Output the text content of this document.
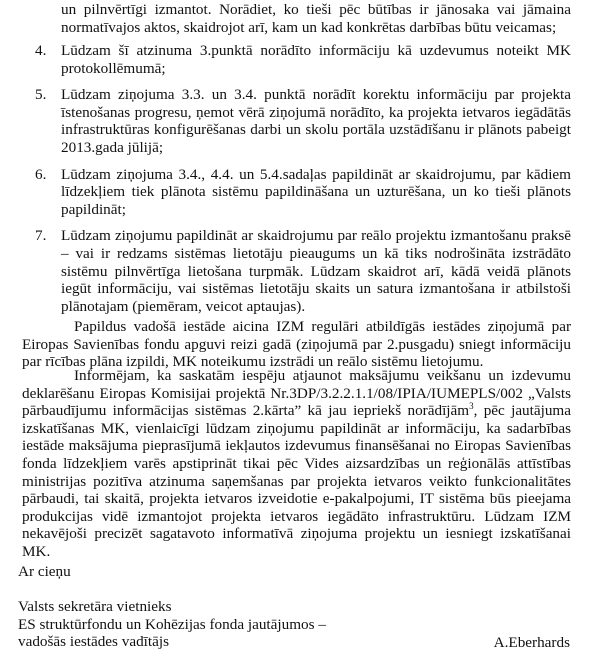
un pilnvērtīgi izmantot. Norādiet, ko tieši pēc būtības ir jānosaka vai jāmaina normatīvajos aktos, skaidrojot arī, kam un kad konkrētas darbības būtu veicamas;
4. Lūdzam šī atzinuma 3.punktā norādīto informāciju kā uzdevumus noteikt MK protokollēmumā;
5. Lūdzam ziņojuma 3.3. un 3.4. punktā norādīt korektu informāciju par projekta īstenošanas progresu, ņemot vērā ziņojumā norādīto, ka projekta ietvaros iegādātās infrastruktūras konfigurēšanas darbi un skolu portāla uzstādīšanu ir plānots pabeigt 2013.gada jūlijā;
6. Lūdzam ziņojuma 3.4., 4.4. un 5.4.sadaļas papildināt ar skaidrojumu, par kādiem līdzekļiem tiek plānota sistēmu papildināšana un uzturēšana, un ko tieši plānots papildināt;
7. Lūdzam ziņojumu papildināt ar skaidrojumu par reālo projektu izmantošanu praksē – vai ir redzams sistēmas lietotāju pieaugums un kā tiks nodrošināta izstrādāto sistēmu pilnvērtīga lietošana turpmāk. Lūdzam skaidrot arī, kādā veidā plānots iegūt informāciju, vai sistēmas lietotāju skaits un satura izmantošana ir atbilstoši plānotajam (piemēram, veicot aptaujas).
Papildus vadošā iestāde aicina IZM regulāri atbildīgās iestādes ziņojumā par Eiropas Savienības fondu apguvi reizi gadā (ziņojumā par 2.pusgadu) sniegt informāciju par rīcības plāna izpildi, MK noteikumu izstrādi un reālo sistēmu lietojumu.
Informējam, ka saskatām iespēju atjaunot maksājumu veikšanu un izdevumu deklarēšanu Eiropas Komisijai projektā Nr.3DP/3.2.2.1.1/08/IPIA/IUMEPLS/002 „Valsts pārbaudījumu informācijas sistēmas 2.kārta” kā jau iepriekš norādījām$^3$, pēc jautājuma izskatīšanas MK, vienlaicīgi lūdzam ziņojumu papildināt ar informāciju, ka sadarbības iestāde maksājuma pieprasījumā iekļautos izdevumus finansēšanai no Eiropas Savienības fonda līdzekļiem varēs apstiprināt tikai pēc Vides aizsardzības un reģionālās attīstības ministrijas pozitīva atzinuma saņemšanas par projekta ietvaros veikto funkcionalitātes pārbaudi, tai skaitā, projekta ietvaros izveidotie e-pakalpojumi, IT sistēma būs pieejama produkcijas vidē izmantojot projekta ietvaros iegādāto infrastruktūru. Lūdzam IZM nekavējoši precizēt sagatavoto informatīvā ziņojuma projektu un iesniegt izskatīšanai MK.
Ar cieņu
Valsts sekretāra vietnieks
ES struktūrfondu un Kohēzijas fonda jautājumos –
vadošās iestādes vadītājs	A.Eberhards
